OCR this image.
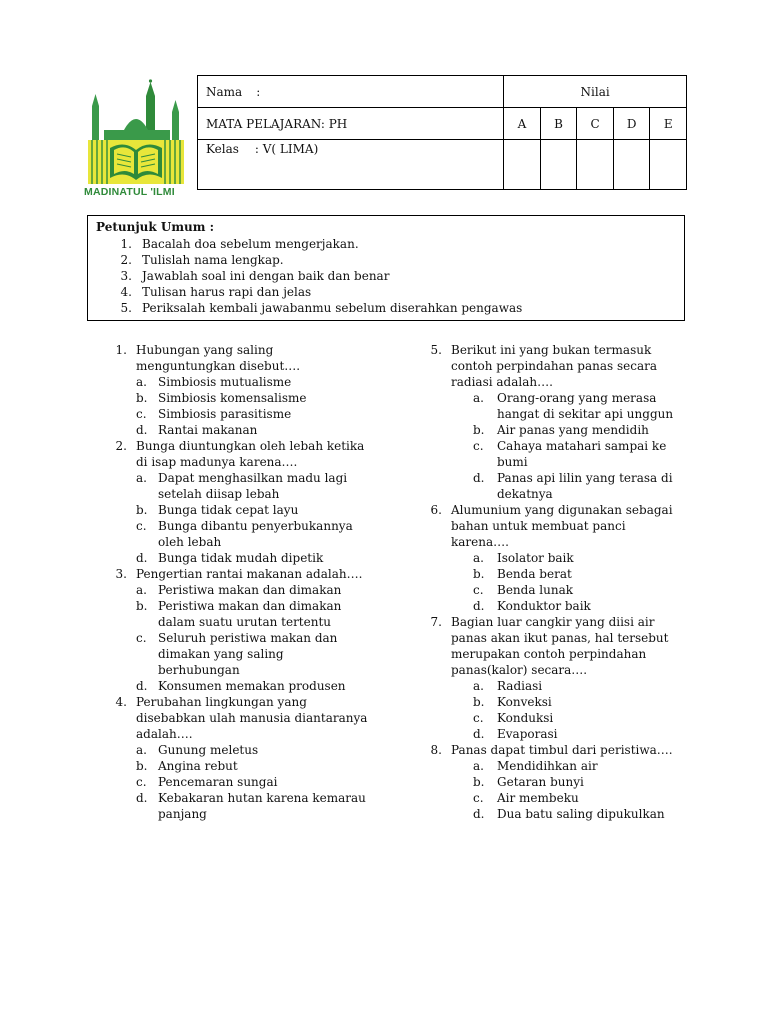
MADINATUL 'ILMI
Nama :	Nilai				
MATA PELAJARAN: PH	A	B	C	D	E
Kelas : V( LIMA)					
Petunjuk Umum :
1. Bacalah doa sebelum mengerjakan.
2. Tulislah nama lengkap.
3. Jawablah soal ini dengan baik dan benar
4. Tulisan harus rapi dan jelas
5. Periksalah kembali jawabanmu sebelum diserahkan pengawas
1. Hubungan yang saling
menguntungkan disebut….
a. Simbiosis mutualisme
b. Simbiosis komensalisme
c. Simbiosis parasitisme
d. Rantai makanan
2. Bunga diuntungkan oleh lebah ketika
di isap madunya karena….
a. Dapat menghasilkan madu lagi
setelah diisap lebah
b. Bunga tidak cepat layu
c. Bunga dibantu penyerbukannya
oleh lebah
d. Bunga tidak mudah dipetik
3. Pengertian rantai makanan adalah….
a. Peristiwa makan dan dimakan
b. Peristiwa makan dan dimakan
dalam suatu urutan tertentu
c. Seluruh peristiwa makan dan
dimakan yang saling
berhubungan
d. Konsumen memakan produsen
4. Perubahan lingkungan yang
disebabkan ulah manusia diantaranya
adalah….
a. Gunung meletus
b. Angina rebut
c. Pencemaran sungai
d. Kebakaran hutan karena kemarau
panjang
5. Berikut ini yang bukan termasuk
contoh perpindahan panas secara
radiasi adalah….
a.	Orang-orang yang merasa
hangat di sekitar api unggun
b.	Air panas yang mendidih
c.	Cahaya matahari sampai ke
bumi
d.	Panas api lilin yang terasa di
dekatnya
6. Alumunium yang digunakan sebagai
bahan untuk membuat panci
karena….
a.	Isolator baik
b.	Benda berat
c.	Benda lunak
d.	Konduktor baik
7. Bagian luar cangkir yang diisi air
panas akan ikut panas, hal tersebut
merupakan contoh perpindahan
panas(kalor) secara….
a.	Radiasi
b.	Konveksi
c.	Konduksi
d.	Evaporasi
8. Panas dapat timbul dari peristiwa….
a.	Mendidihkan air
b.	Getaran bunyi
c.	Air membeku
d.	Dua batu saling dipukulkan
